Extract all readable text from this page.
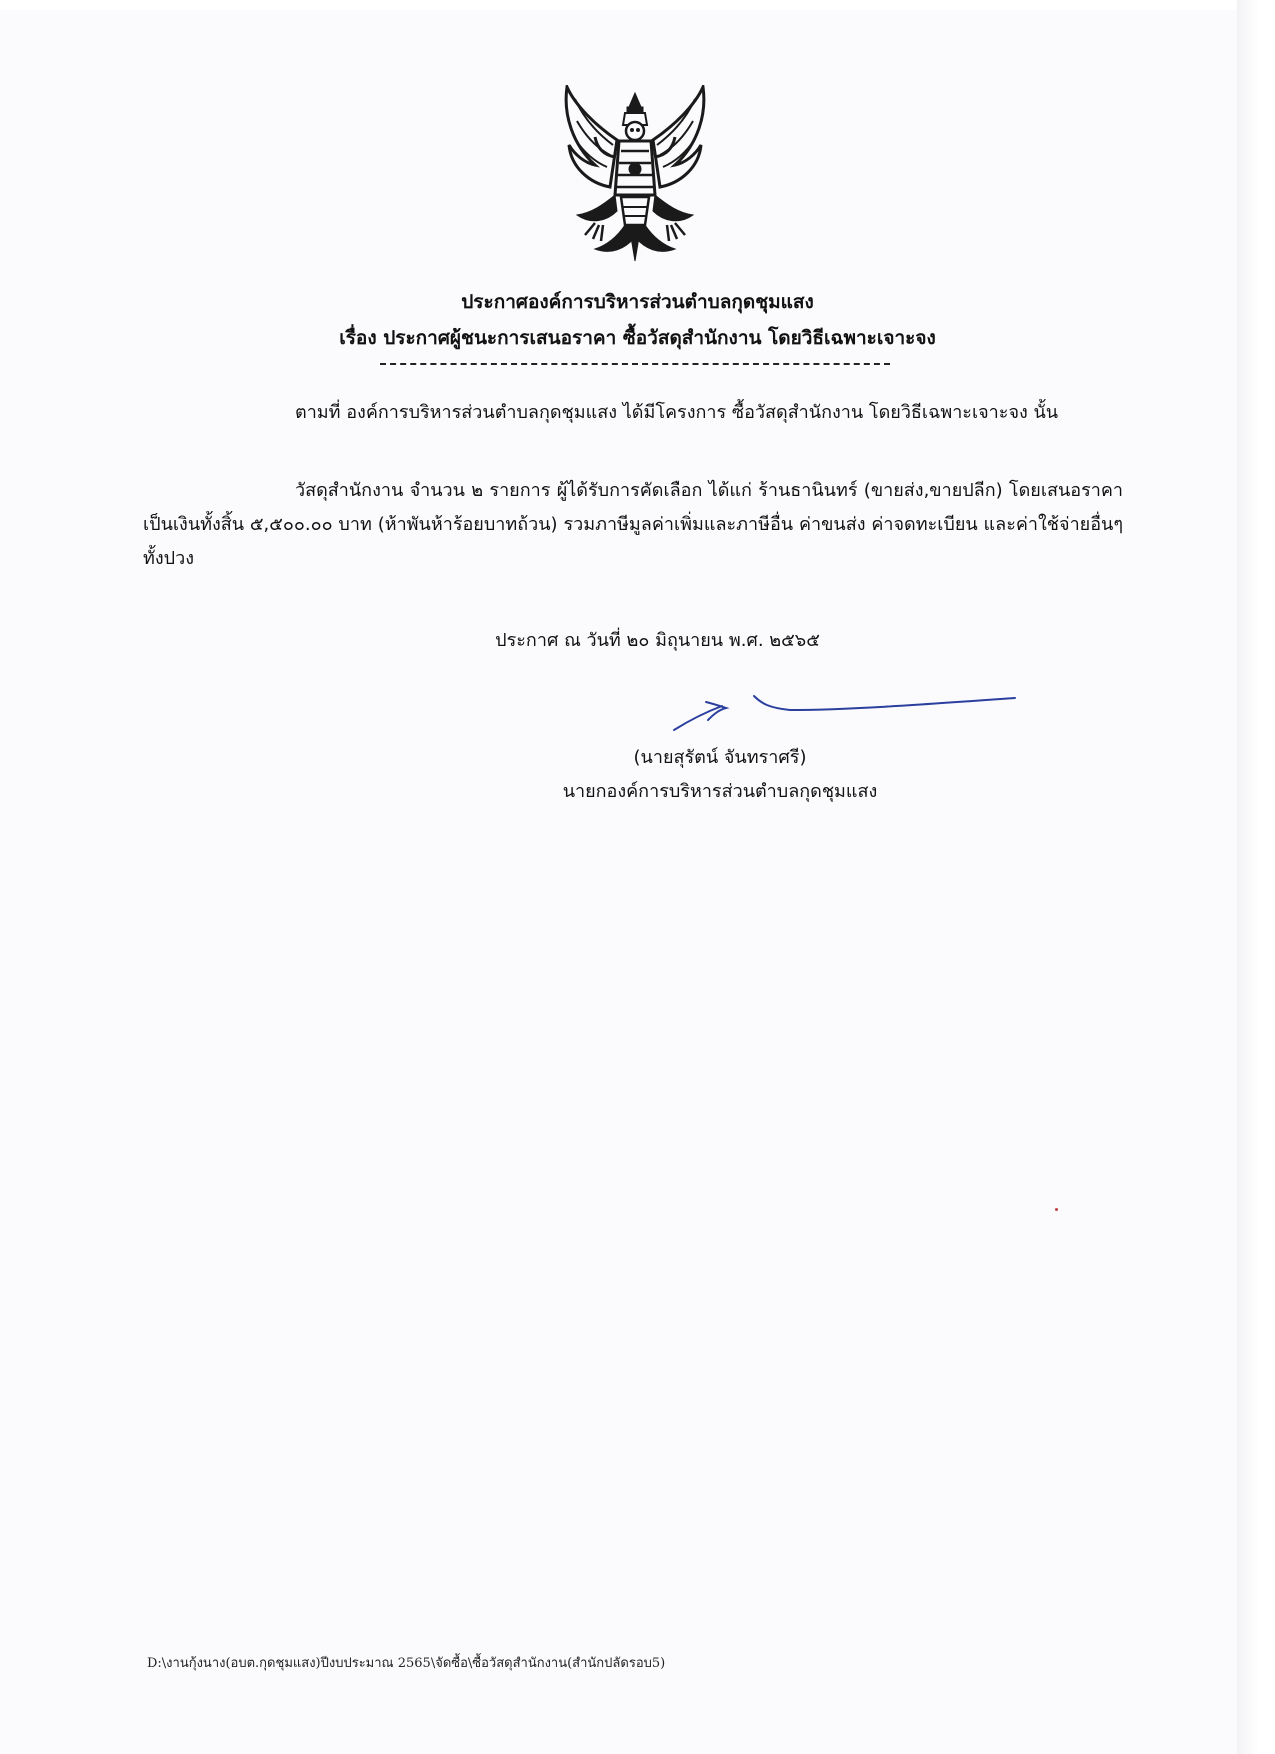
ประกาศองค์การบริหารส่วนตำบลกุดชุมแสง
เรื่อง ประกาศผู้ชนะการเสนอราคา ซื้อวัสดุสำนักงาน โดยวิธีเฉพาะเจาะจง
ตามที่ องค์การบริหารส่วนตำบลกุดชุมแสง ได้มีโครงการ ซื้อวัสดุสำนักงาน โดยวิธีเฉพาะเจาะจง นั้น
วัสดุสำนักงาน จำนวน ๒ รายการ ผู้ได้รับการคัดเลือก ได้แก่ ร้านธานินทร์ (ขายส่ง,ขายปลีก) โดยเสนอราคา เป็นเงินทั้งสิ้น ๕,๕๐๐.๐๐ บาท (ห้าพันห้าร้อยบาทถ้วน) รวมภาษีมูลค่าเพิ่มและภาษีอื่น ค่าขนส่ง ค่าจดทะเบียน และค่าใช้จ่ายอื่นๆ ทั้งปวง
ประกาศ ณ วันที่ ๒๐ มิถุนายน พ.ศ. ๒๕๖๕
(นายสุรัตน์ จันทราศรี)
นายกองค์การบริหารส่วนตำบลกุดชุมแสง
D:\งานกุ้งนาง(อบต.กุดชุมแสง)ปีงบประมาณ 2565\จัดซื้อ\ซื้อวัสดุสำนักงาน(สำนักปลัดรอบ5)
